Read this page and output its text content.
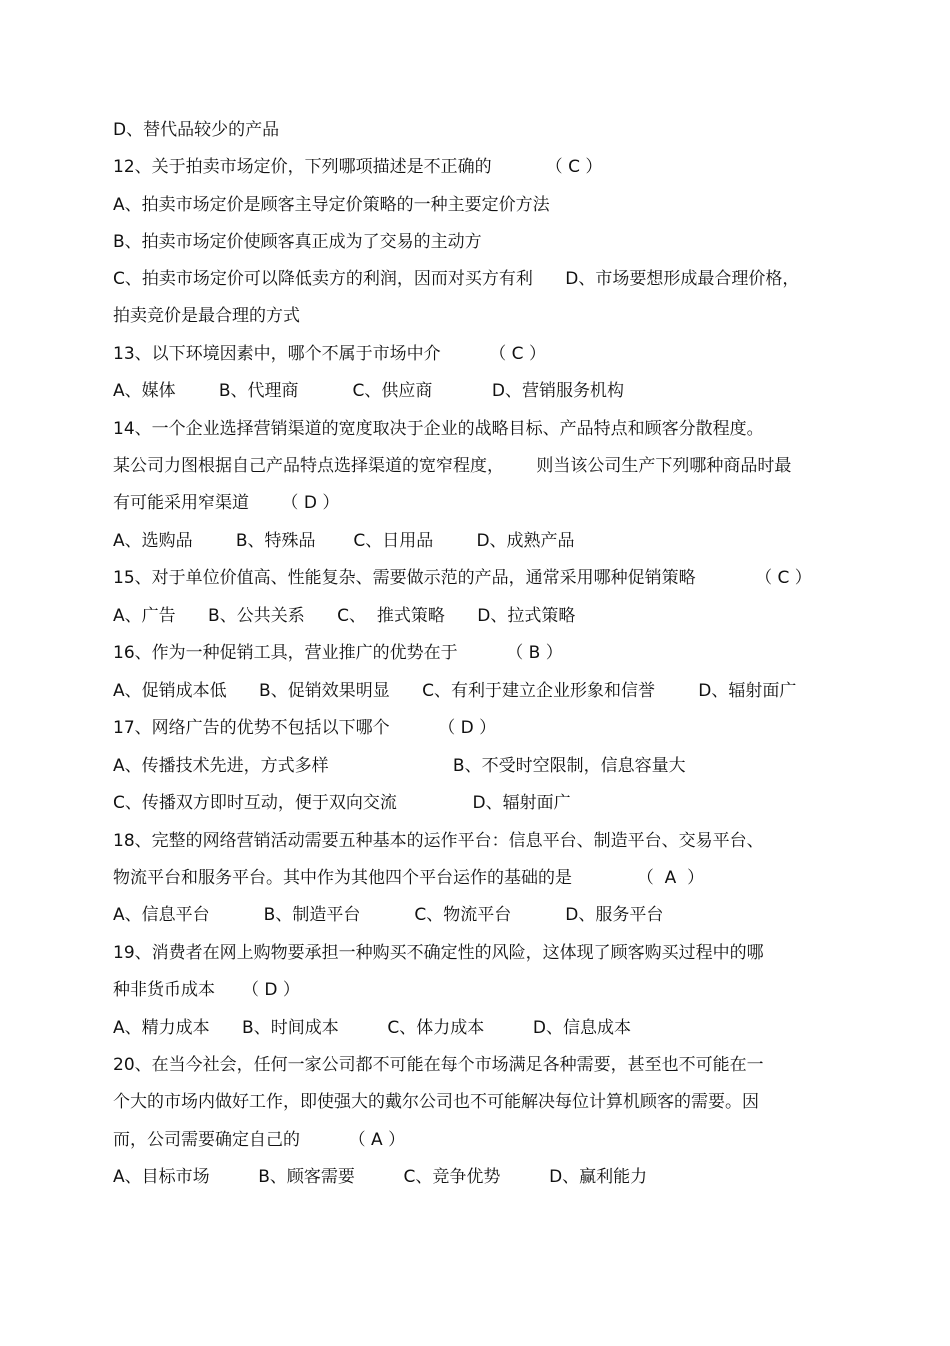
D、替代品较少的产品
12、关于拍卖市场定价，下列哪项描述是不正确的          （ C ）
A、拍卖市场定价是顾客主导定价策略的一种主要定价方法
B、拍卖市场定价使顾客真正成为了交易的主动方
C、拍卖市场定价可以降低卖方的利润，因而对买方有利      D、市场要想形成最合理价格，
拍卖竞价是最合理的方式
13、以下环境因素中，哪个不属于市场中介         （ C ）
A、媒体        B、代理商          C、供应商           D、营销服务机构
14、一个企业选择营销渠道的宽度取决于企业的战略目标、产品特点和顾客分散程度。
某公司力图根据自己产品特点选择渠道的宽窄程度，      则当该公司生产下列哪种商品时最
有可能采用窄渠道      （ D ）
A、选购品        B、特殊品       C、日用品        D、成熟产品
15、对于单位价值高、性能复杂、需要做示范的产品，通常采用哪种促销策略           （ C ）
A、广告      B、公共关系      C、  推式策略      D、拉式策略
16、作为一种促销工具，营业推广的优势在于         （ B ）
A、促销成本低      B、促销效果明显      C、有利于建立企业形象和信誉        D、辐射面广
17、网络广告的优势不包括以下哪个         （ D ）
A、传播技术先进，方式多样                       B、不受时空限制，信息容量大
C、传播双方即时互动，便于双向交流              D、辐射面广
18、完整的网络营销活动需要五种基本的运作平台：信息平台、制造平台、交易平台、
物流平台和服务平台。其中作为其他四个平台运作的基础的是            （  A  ）
A、信息平台          B、制造平台          C、物流平台          D、服务平台
19、消费者在网上购物要承担一种购买不确定性的风险，这体现了顾客购买过程中的哪
种非货币成本     （ D ）
A、精力成本      B、时间成本         C、体力成本         D、信息成本
20、在当今社会，任何一家公司都不可能在每个市场满足各种需要，甚至也不可能在一
个大的市场内做好工作，即使强大的戴尔公司也不可能解决每位计算机顾客的需要。因
而，公司需要确定自己的         （ A ）
A、目标市场         B、顾客需要         C、竞争优势         D、赢利能力
